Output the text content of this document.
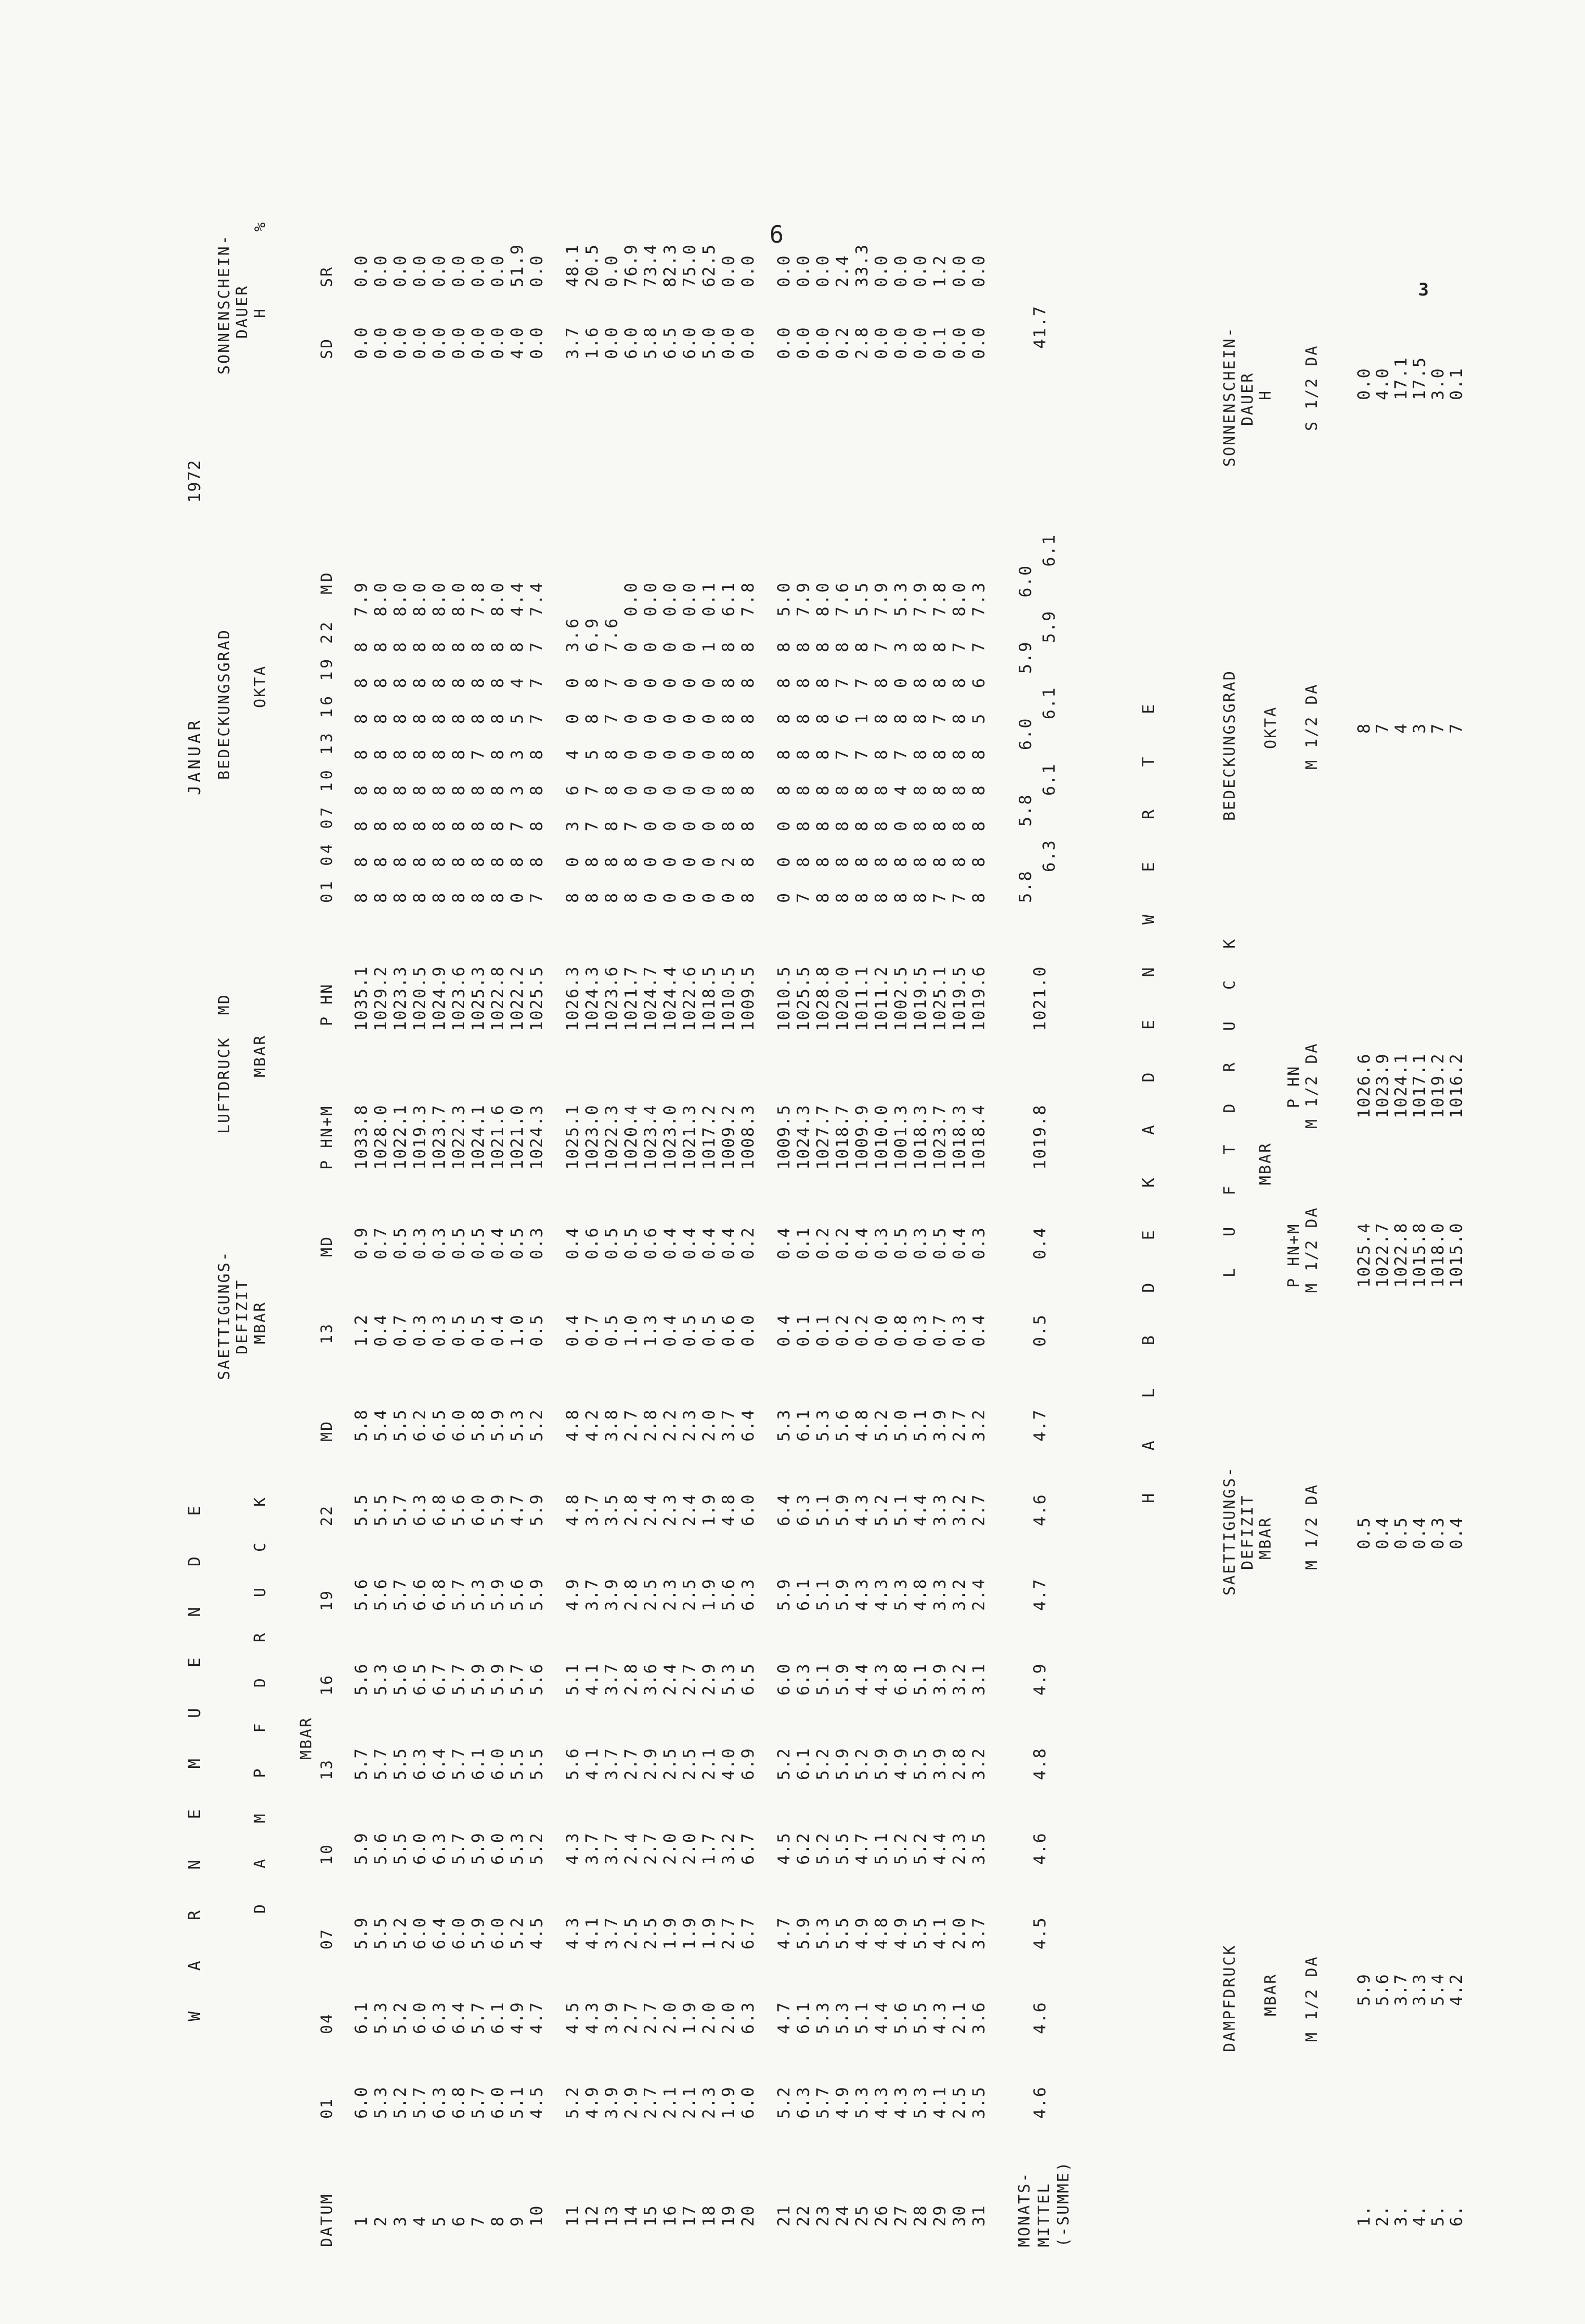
6
3
W A R N E M U E N D E
JANUAR
1972
D A M P F D R U C K MBAR
SAETTIGUNGS- DEFIZIT MBAR
LUFTDRUCK  MD MBAR
BEDECKUNGSGRAD OKTA
SONNENSCHEIN- DAUER H       %
DATUM
01
04
07
10
13
16
19
22
MD
13
MD
P HN+M
P HN
01 04 07 10 13 16 19 22  MD
SD
SR
1
6.0
6.1
5.9
5.9
5.7
5.6
5.6
5.5
5.8
1.2
0.9
1033.8
1035.1
8  8  8  8  8  8  8  8  7.9
0.0
0.0
2
5.3
5.3
5.5
5.6
5.7
5.3
5.6
5.5
5.4
0.4
0.7
1028.0
1029.2
8  8  8  8  8  8  8  8  8.0
0.0
0.0
3
5.2
5.2
5.2
5.5
5.5
5.6
5.7
5.7
5.5
0.7
0.5
1022.1
1023.3
8  8  8  8  8  8  8  8  8.0
0.0
0.0
4
5.7
6.0
6.0
6.0
6.3
6.5
6.6
6.3
6.2
0.3
0.3
1019.3
1020.5
8  8  8  8  8  8  8  8  8.0
0.0
0.0
5
6.3
6.3
6.4
6.3
6.4
6.7
6.8
6.8
6.5
0.3
0.3
1023.7
1024.9
8  8  8  8  8  8  8  8  8.0
0.0
0.0
6
6.8
6.4
6.0
5.7
5.7
5.7
5.7
5.6
6.0
0.5
0.5
1022.3
1023.6
8  8  8  8  8  8  8  8  8.0
0.0
0.0
7
5.7
5.7
5.9
5.9
6.1
5.9
5.3
6.0
5.8
0.5
0.5
1024.1
1025.3
8  8  8  8  7  8  8  8  7.8
0.0
0.0
8
6.0
6.1
6.0
6.0
6.0
5.9
5.9
5.9
5.9
0.4
0.4
1021.6
1022.8
8  8  8  8  8  8  8  8  8.0
0.0
0.0
9
5.1
4.9
5.2
5.3
5.5
5.7
5.6
4.7
5.3
1.0
0.5
1021.0
1022.2
0  8  7  3  3  5  4  8  4.4
4.0
51.9
10
4.5
4.7
4.5
5.2
5.5
5.6
5.9
5.9
5.2
0.5
0.3
1024.3
1025.5
7  8  8  8  8  7  7  7  7.4
0.0
0.0
11
5.2
4.5
4.3
4.3
5.6
5.1
4.9
4.8
4.8
0.4
0.4
1025.1
1026.3
8  0  3  6  4  0  0  3.6
3.7
48.1
12
4.9
4.3
4.1
3.7
4.1
4.1
3.7
3.7
4.2
0.7
0.6
1023.0
1024.3
8  8  7  7  5  8  8  6.9
1.6
20.5
13
3.9
3.9
3.7
3.7
3.7
3.7
3.9
3.5
3.8
0.5
0.5
1022.3
1023.6
8  8  8  8  8  7  7  7.6
0.0
0.0
14
2.9
2.7
2.5
2.4
2.7
2.8
2.8
2.8
2.7
1.0
0.5
1020.4
1021.7
8  8  7  0  0  0  0  0  0.0
6.0
76.9
15
2.7
2.7
2.5
2.7
2.9
3.6
2.5
2.4
2.8
1.3
0.6
1023.4
1024.7
0  0  0  0  0  0  0  0  0.0
5.8
73.4
16
2.1
2.0
1.9
2.0
2.5
2.4
2.3
2.3
2.2
0.4
0.4
1023.0
1024.4
0  0  0  0  0  0  0  0  0.0
6.5
82.3
17
2.1
1.9
1.9
2.0
2.5
2.7
2.5
2.4
2.3
0.5
0.4
1021.3
1022.6
0  0  0  0  0  0  0  0  0.0
6.0
75.0
18
2.3
2.0
1.9
1.7
2.1
2.9
1.9
1.9
2.0
0.5
0.4
1017.2
1018.5
0  0  0  0  0  0  0  1  0.1
5.0
62.5
19
1.9
2.0
2.7
3.2
4.0
5.3
5.6
4.8
3.7
0.6
0.4
1009.2
1010.5
0  2  8  8  8  8  8  8  6.1
0.0
0.0
20
6.0
6.3
6.7
6.7
6.9
6.5
6.3
6.0
6.4
0.0
0.2
1008.3
1009.5
8  8  8  8  8  8  8  8  7.8
0.0
0.0
21
5.2
4.7
4.7
4.5
5.2
6.0
5.9
6.4
5.3
0.4
0.4
1009.5
1010.5
0  0  0  8  8  8  8  8  5.0
0.0
0.0
22
6.3
6.1
5.9
6.2
6.1
6.3
6.1
6.3
6.1
0.1
0.1
1024.3
1025.5
7  8  8  8  8  8  8  8  7.9
0.0
0.0
23
5.7
5.3
5.3
5.2
5.2
5.1
5.1
5.1
5.3
0.1
0.2
1027.7
1028.8
8  8  8  8  8  8  8  8  8.0
0.0
0.0
24
4.9
5.3
5.5
5.5
5.9
5.9
5.9
5.9
5.6
0.2
0.2
1018.7
1020.0
8  8  8  8  7  6  7  8  7.6
0.2
2.4
25
5.3
5.1
4.9
4.7
5.2
4.4
4.3
4.3
4.8
0.2
0.4
1009.9
1011.1
8  8  8  8  7  1  7  8  5.5
2.8
33.3
26
4.3
4.4
4.8
5.1
5.9
4.3
4.3
5.2
5.2
0.0
0.3
1010.0
1011.2
8  8  8  8  8  8  8  7  7.9
0.0
0.0
27
4.3
5.6
4.9
5.2
4.9
6.8
5.3
5.1
5.0
0.8
0.5
1001.3
1002.5
8  8  0  4  7  8  0  3  5.3
0.0
0.0
28
5.3
5.5
5.5
5.2
5.5
5.1
4.8
4.4
5.1
0.3
0.3
1018.3
1019.5
8  8  8  8  8  8  8  8  7.9
0.0
0.0
29
4.1
4.3
4.1
4.4
3.9
3.9
3.3
3.3
3.9
0.7
0.5
1023.7
1025.1
7  8  8  8  8  7  8  8  7.8
0.1
1.2
30
2.5
2.1
2.0
2.3
2.8
3.2
3.2
3.2
2.7
0.3
0.4
1018.3
1019.5
7  8  8  8  8  8  8  7  8.0
0.0
0.0
31
3.5
3.6
3.7
3.5
3.2
3.1
2.4
2.7
3.2
0.4
0.3
1018.4
1019.6
8  8  8  8  8  5  6  7  7.3
0.0
0.0
MONATS- MITTEL (-SUMME)
4.6
4.6
4.5
4.6
4.8
4.9
4.7
4.6
4.7
0.5
0.4
1019.8
1021.0
5.8    5.8    6.0    5.9    6.0 6.3    6.1    6.1    5.9    6.1
41.7
H A L B D E K A D E N W E R T E
DAMPFDRUCK MBAR M 1/2 DA
SAETTIGUNGS- DEFIZIT MBAR M 1/2 DA
L U F T D R U C K MBAR
P HN+M M 1/2 DA
P HN M 1/2 DA
BEDECKUNGSGRAD OKTA M 1/2 DA
SONNENSCHEIN- DAUER H S 1/2 DA
1.
5.9
0.5
1025.4
1026.6
8
0.0
2.
5.6
0.4
1022.7
1023.9
7
4.0
3.
3.7
0.5
1022.8
1024.1
4
17.1
4.
3.3
0.4
1015.8
1017.1
3
17.5
5.
5.4
0.3
1018.0
1019.2
7
3.0
6.
4.2
0.4
1015.0
1016.2
7
0.1
